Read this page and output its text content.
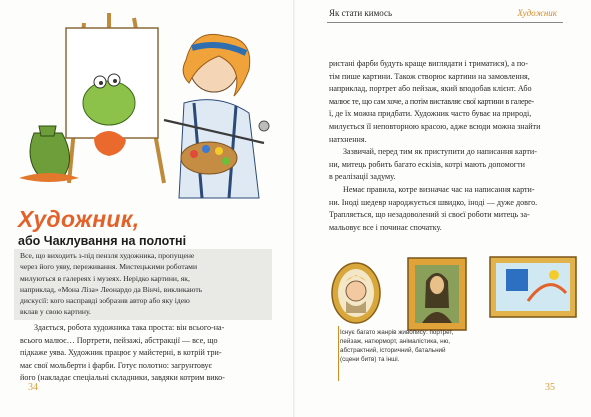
Художник,
або Чаклування на полотні
Все, що виходить з-під пензля художника, пропущене
через його уяву, переживання. Мистецькими роботами
милуються в галереях і музеях. Нерідко картини, як,
наприклад, «Мона Ліза» Леонардо да Вінчі, викликають
дискусії: кого насправді зобразив автор або яку ідею
вклав у свою картину.
Здається, робота художника така проста: він всього-на-
всього малює… Портрети, пейзажі, абстракції — все, що
підкаже уява. Художник працює у майстерні, в котрій три-
має свої мольберти і фарби. Готує полотно: загрунтовує
його (накладає спеціальні складники, завдяки котрим вико-
34
Як стати кимось	Художник
ристані фарби будуть краще виглядати і триматися), а по-
тім пише картини. Також створює картини на замовлення,
наприклад, портрет або пейзаж, який вподобав клієнт. Або
малює те, що сам хоче, а потім виставляє свої картини в галере-
ї, де їх можна придбати. Художник часто буває на природі,
милується її неповторною красою, адже всюди можна знайти
натхнення.
Зазвичай, перед тим як приступити до написання карти-
ни, митець робить багато ескізів, котрі мають допомогти
в реалізації задуму.
Немає правила, котре визначає час на написання карти-
ни. Іноді шедевр народжується швидко, іноді — дуже довго.
Трапляється, що незадоволений зі своєї роботи митець за-
мальовує все і починає спочатку.
Існує багато жанрів живопису: портрет,
пейзаж, натюрморт, анімалістика, ню,
абстрактний, історичний, батальний
(сцени битв) та інші.
35
